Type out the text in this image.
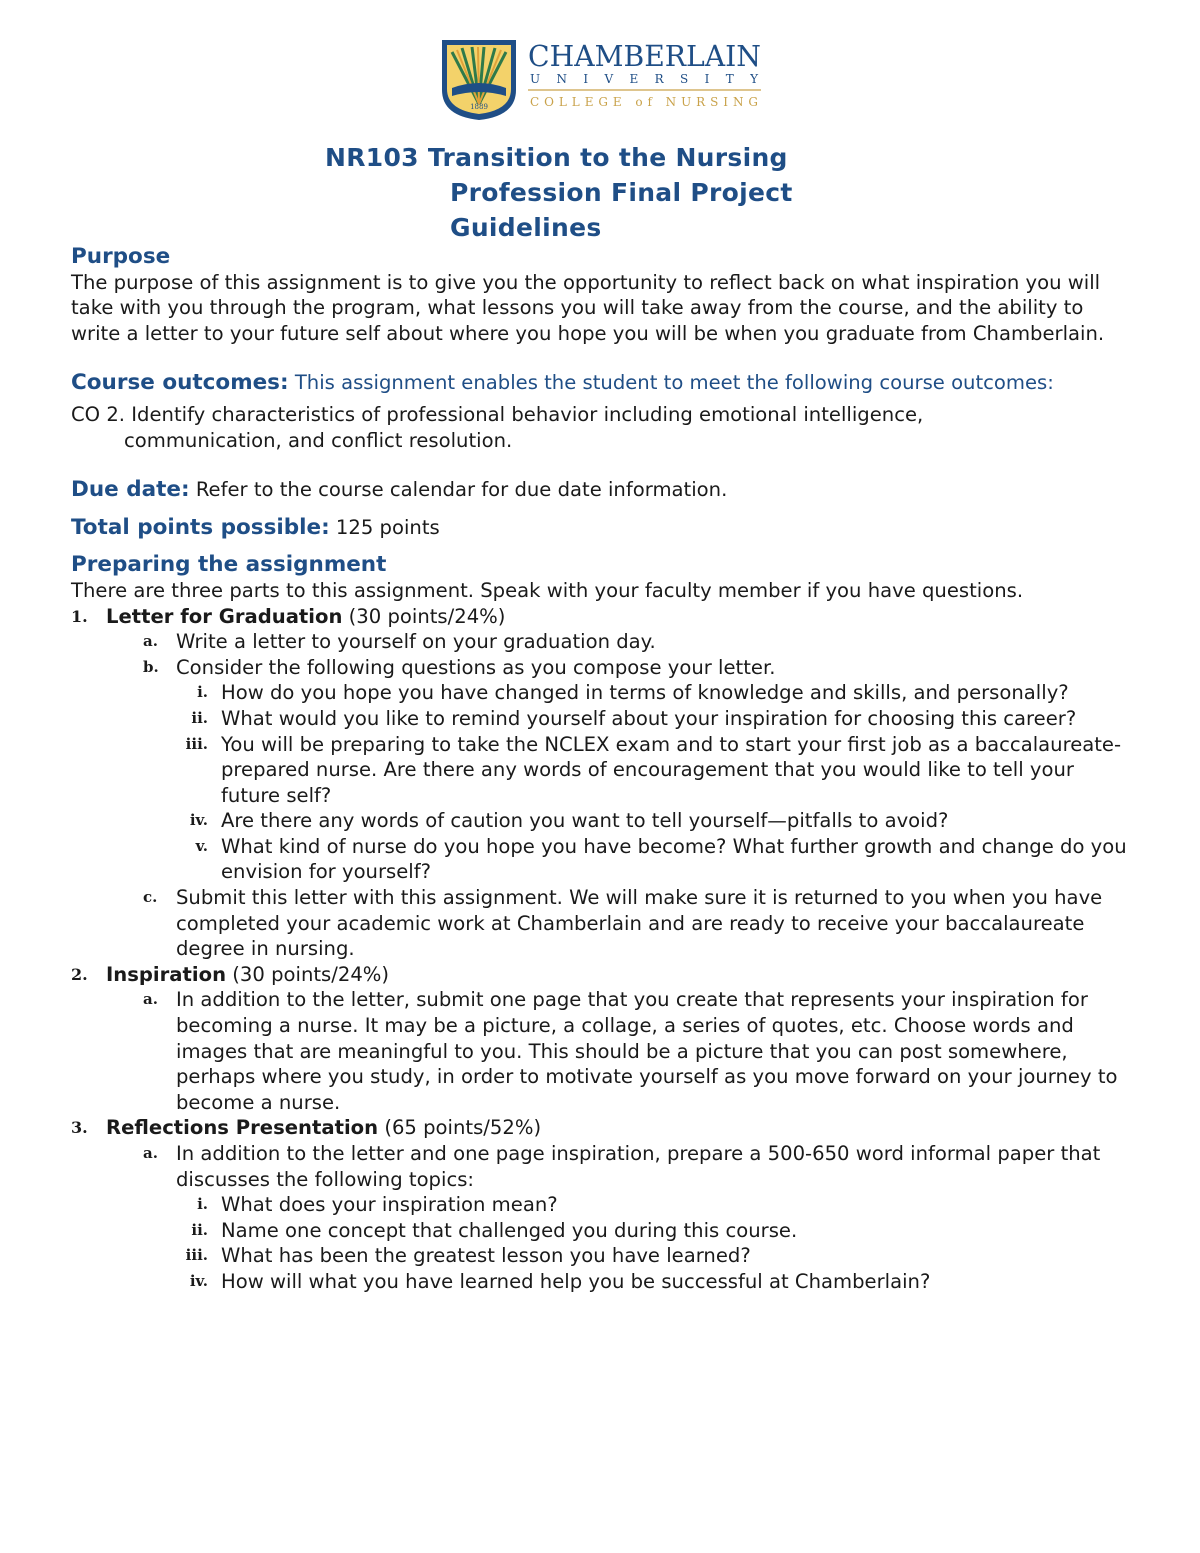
1889
CHAMBERLAIN
U N I V E R S I T Y
COLLEGE of NURSING
NR103 Transition to the Nursing
Profession Final Project
Guidelines
Purpose
The purpose of this assignment is to give you the opportunity to reflect back on what inspiration you will take with you through the program, what lessons you will take away from the course, and the ability to write a letter to your future self about where you hope you will be when you graduate from Chamberlain.
Course outcomes: This assignment enables the student to meet the following course outcomes:
CO 2. Identify characteristics of professional behavior including emotional intelligence,
communication, and conflict resolution.
Due date: Refer to the course calendar for due date information.
Total points possible: 125 points
Preparing the assignment
There are three parts to this assignment. Speak with your faculty member if you have questions.
1. Letter for Graduation (30 points/24%)
a. Write a letter to yourself on your graduation day.
b. Consider the following questions as you compose your letter.
i. How do you hope you have changed in terms of knowledge and skills, and personally?
ii. What would you like to remind yourself about your inspiration for choosing this career?
iii. You will be preparing to take the NCLEX exam and to start your first job as a baccalaureate-prepared nurse. Are there any words of encouragement that you would like to tell your future self?
iv. Are there any words of caution you want to tell yourself—pitfalls to avoid?
v. What kind of nurse do you hope you have become? What further growth and change do you envision for yourself?
c. Submit this letter with this assignment. We will make sure it is returned to you when you have completed your academic work at Chamberlain and are ready to receive your baccalaureate degree in nursing.
2. Inspiration (30 points/24%)
a. In addition to the letter, submit one page that you create that represents your inspiration for becoming a nurse. It may be a picture, a collage, a series of quotes, etc. Choose words and images that are meaningful to you. This should be a picture that you can post somewhere, perhaps where you study, in order to motivate yourself as you move forward on your journey to become a nurse.
3. Reflections Presentation (65 points/52%)
a. In addition to the letter and one page inspiration, prepare a 500-650 word informal paper that discusses the following topics:
i. What does your inspiration mean?
ii. Name one concept that challenged you during this course.
iii. What has been the greatest lesson you have learned?
iv. How will what you have learned help you be successful at Chamberlain?
